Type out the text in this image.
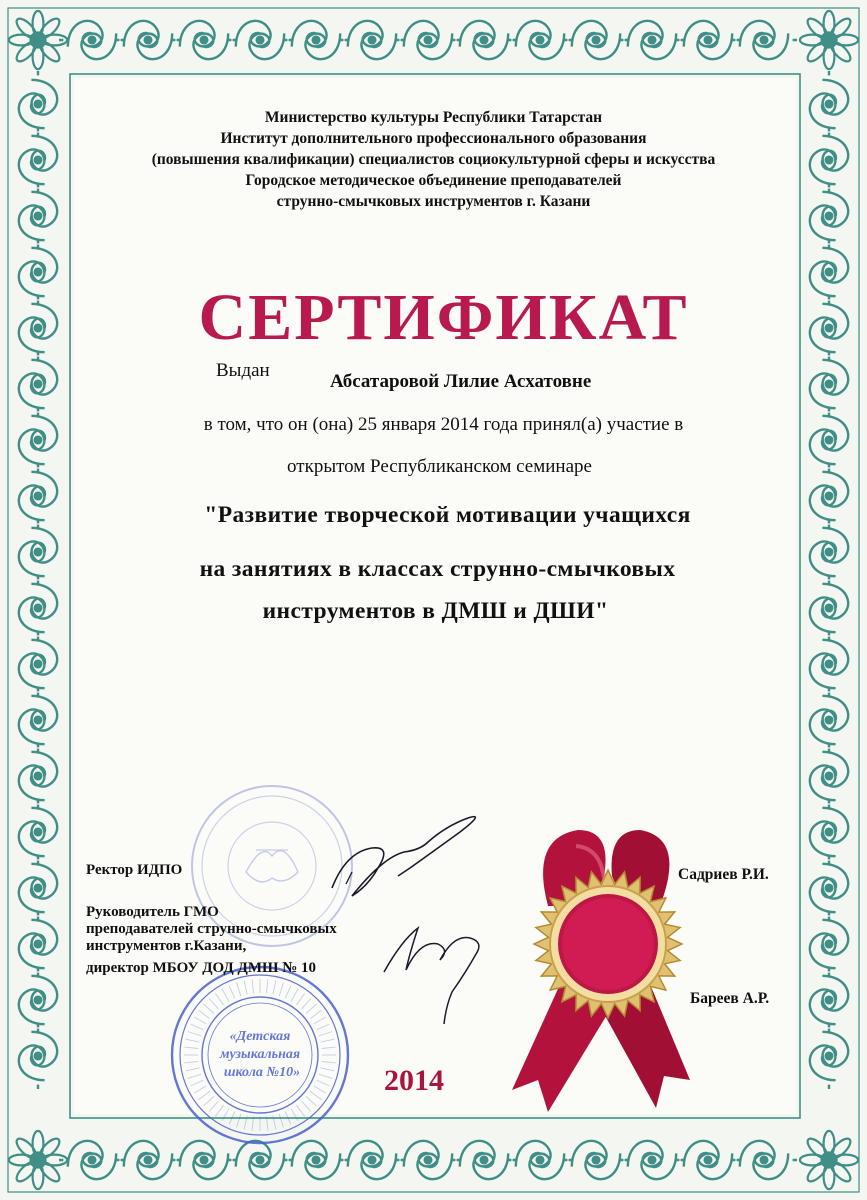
Министерство культуры Республики Татарстан
Институт дополнительного профессионального образования
(повышения квалификации) специалистов социокультурной сферы и искусства
Городское методическое объединение преподавателей
струнно-смычковых инструментов г. Казани
СЕРТИФИКАТ
Выдан
Абсатаровой Лилие Асхатовне
в том, что он (она) 25 января 2014 года принял(а) участие в
открытом Республиканском семинаре
"Развитие творческой мотивации учащихся
на занятиях в классах струнно-смычковых
инструментов в ДМШ и ДШИ"
«Детская
музыкальная
школа №10»
Ректор ИДПО	Садриев Р.И.
Руководитель ГМО
преподавателей струнно-смычковых
инструментов г.Казани,
директор МБОУ ДОД ДМШ № 10
Бареев А.Р.
2014
